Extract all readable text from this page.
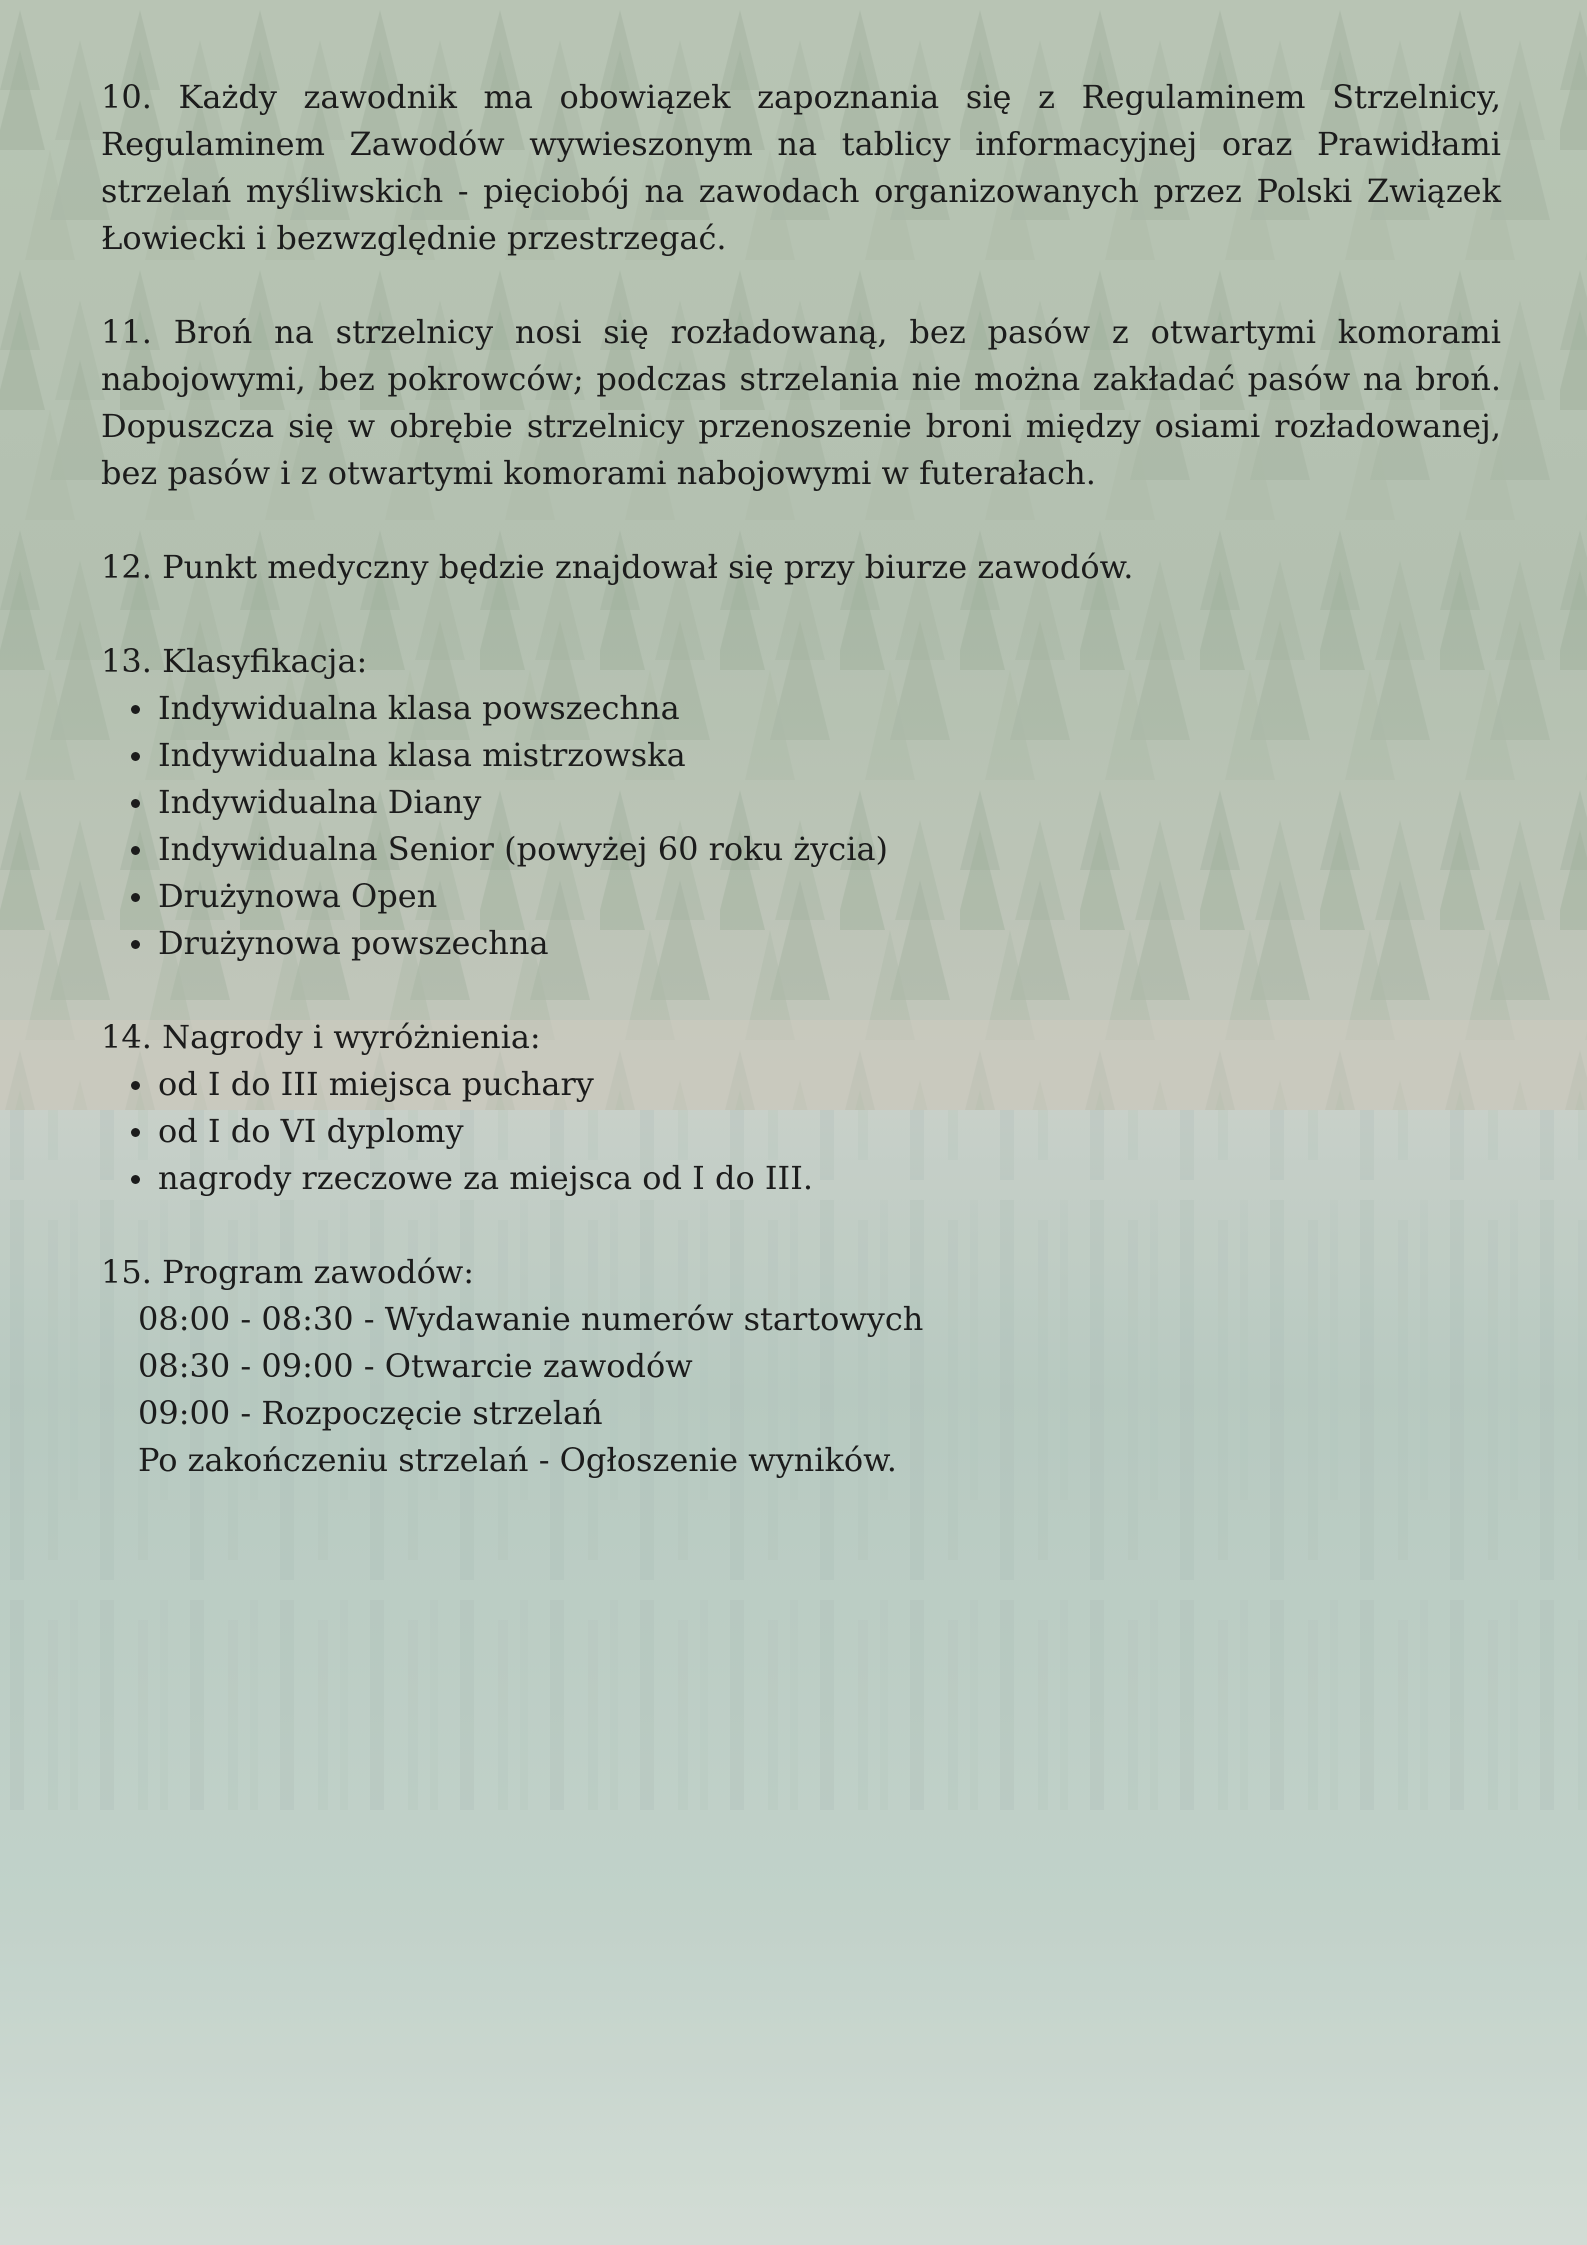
10. Każdy zawodnik ma obowiązek zapoznania się z Regulaminem Strzelnicy, Regulaminem Zawodów wywieszonym na tablicy informacyjnej oraz Prawidłami strzelań myśliwskich - pięciobój na zawodach organizowanych przez Polski Związek Łowiecki i bezwzględnie przestrzegać.

11. Broń na strzelnicy nosi się rozładowaną, bez pasów z otwartymi komorami nabojowymi, bez pokrowców; podczas strzelania nie można zakładać pasów na broń. Dopuszcza się w obrębie strzelnicy przenoszenie broni między osiami rozładowanej, bez pasów i z otwartymi komorami nabojowymi w futerałach.

12. Punkt medyczny będzie znajdował się przy biurze zawodów.

13. Klasyfikacja:

Indywidualna klasa powszechna
Indywidualna klasa mistrzowska
Indywidualna Diany
Indywidualna Senior (powyżej 60 roku życia)
Drużynowa Open
Drużynowa powszechna

14. Nagrody i wyróżnienia:

od I do III miejsca puchary
od I do VI dyplomy
nagrody rzeczowe za miejsca od I do III.

15. Program zawodów:

08:00 - 08:30 - Wydawanie numerów startowych

08:30 - 09:00 - Otwarcie zawodów

09:00 - Rozpoczęcie strzelań

Po zakończeniu strzelań - Ogłoszenie wyników.
